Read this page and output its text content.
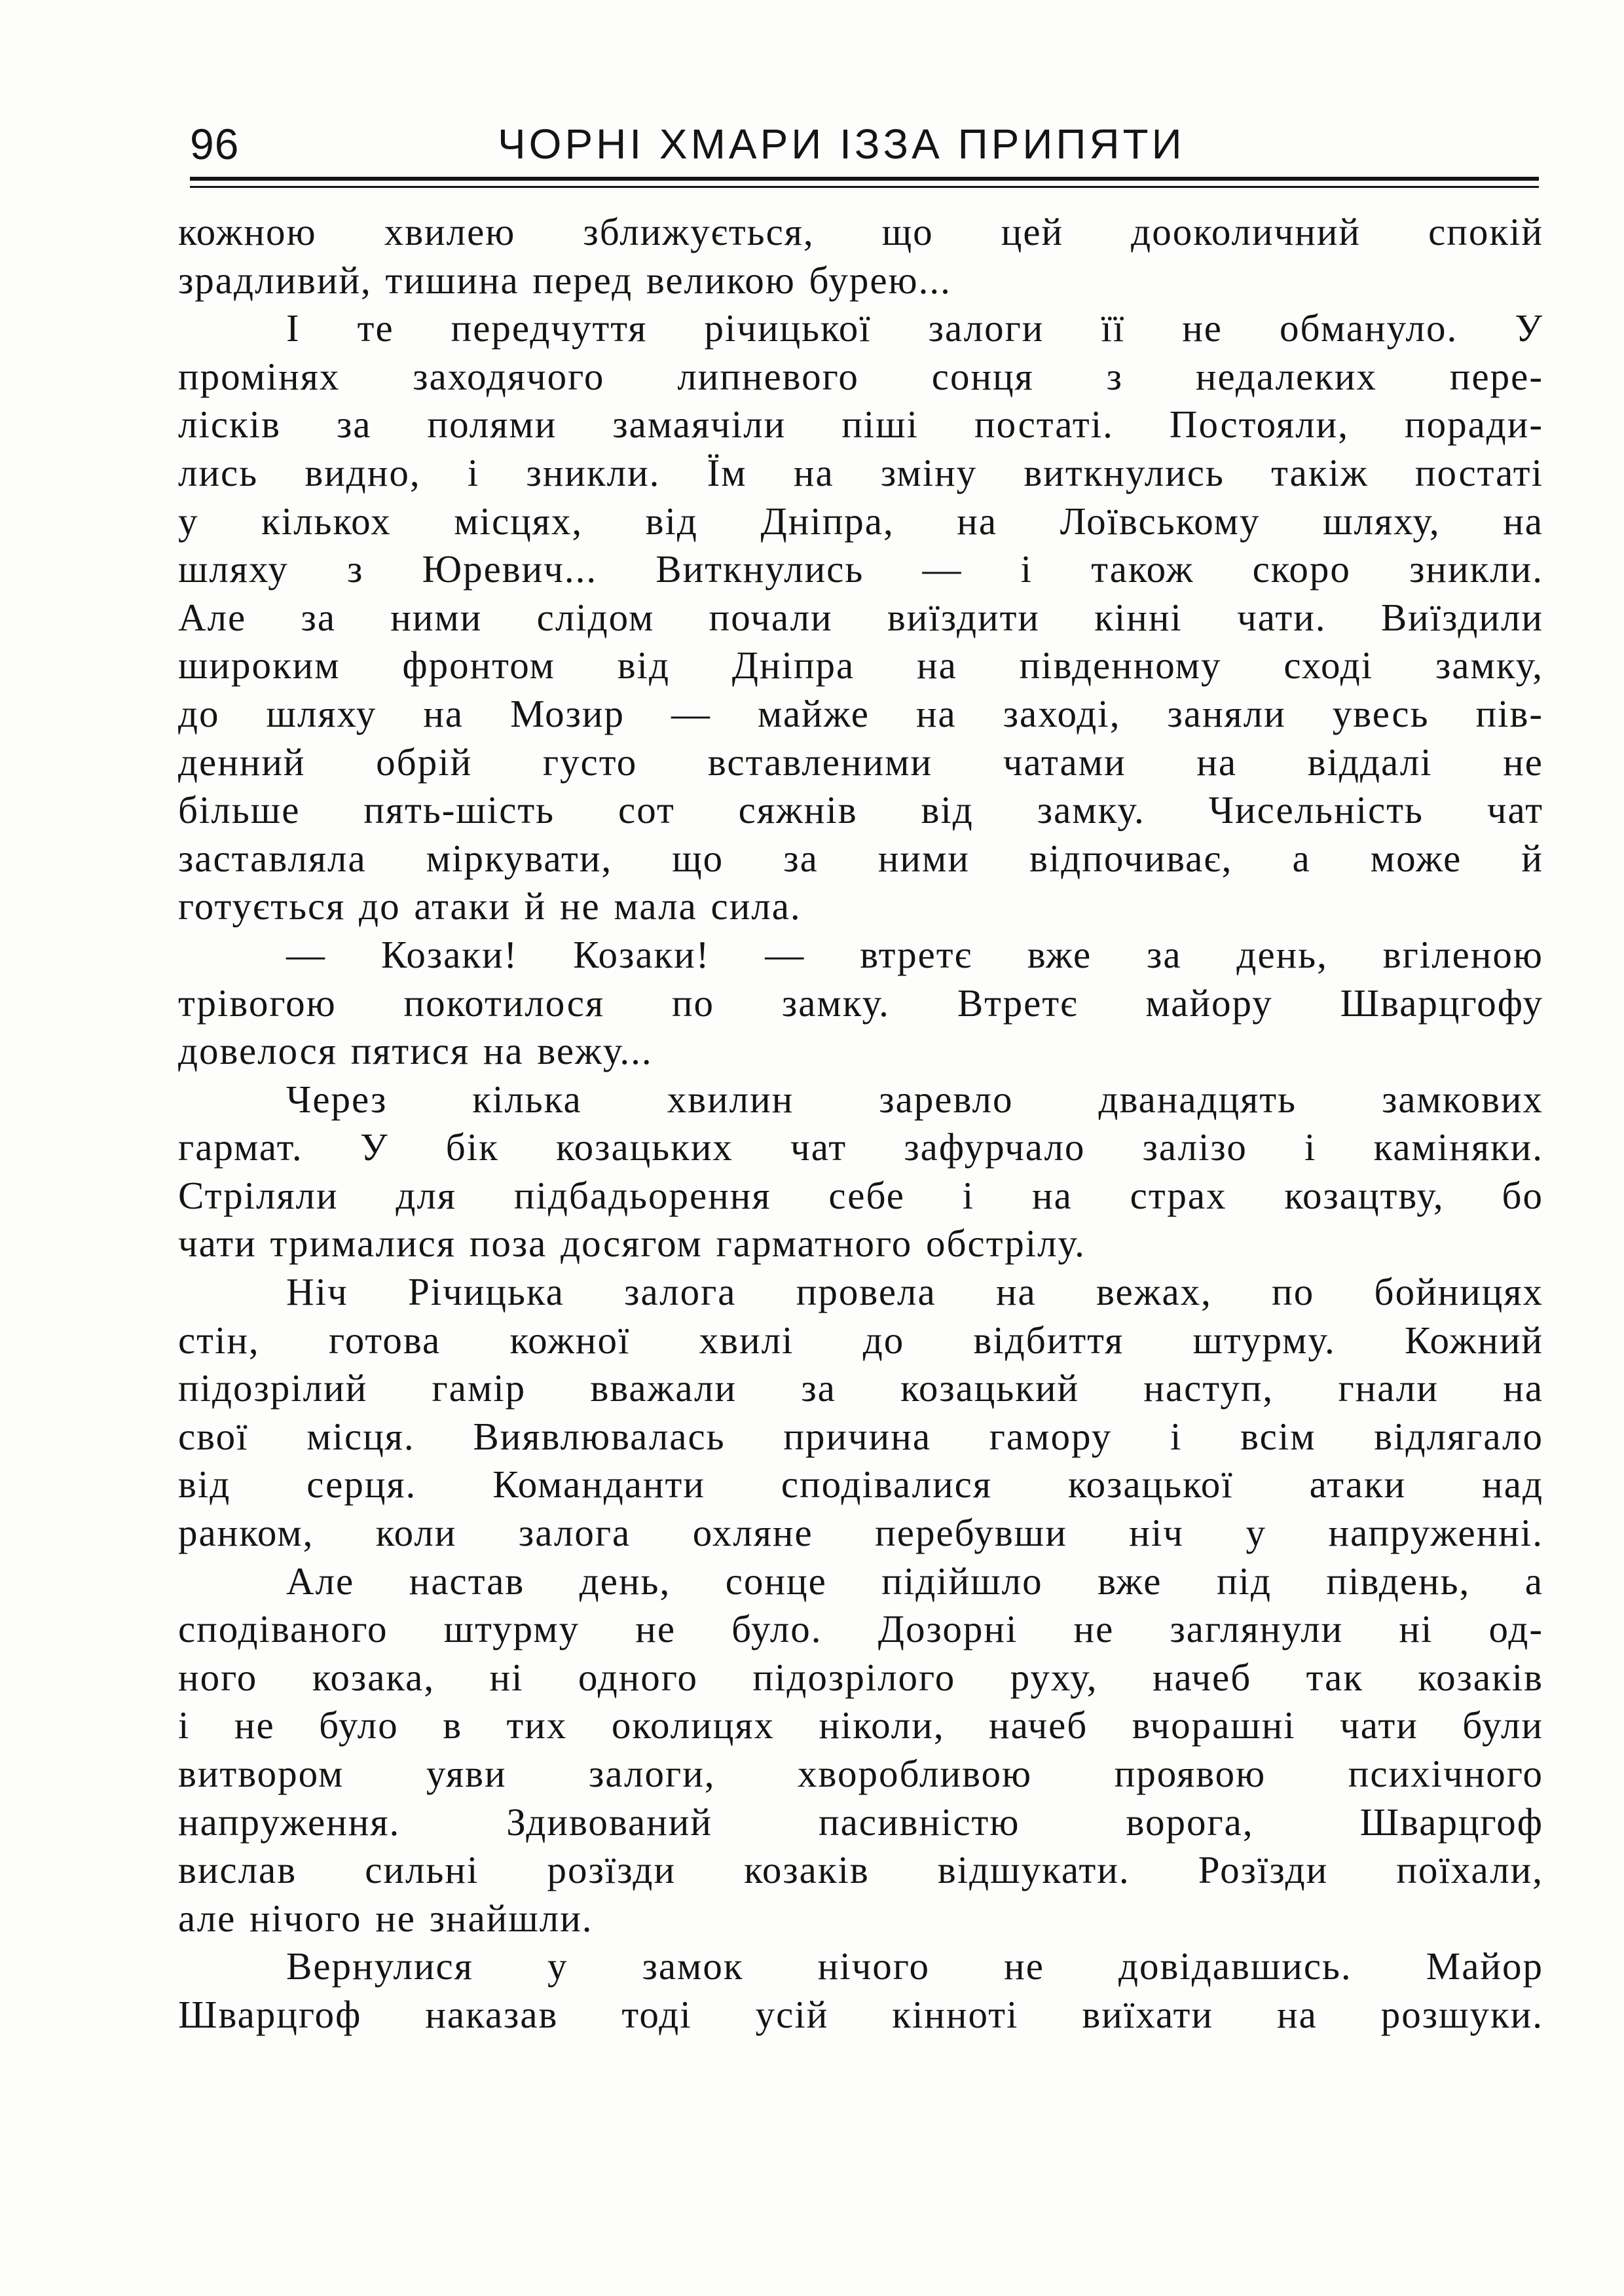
96	ЧОРНІ ХМАРИ ІЗЗА ПРИПЯТИ
кожною хвилею зближується, що цей дооколичний спокій
зрадливий, тишина перед великою бурею...
І те передчуття річицької залоги її не обмануло. У
промінях заходячого липневого сонця з недалеких пере-
лісків за полями замаячіли піші постаті. Постояли, поради-
лись видно, і зникли. Їм на зміну виткнулись такіж постаті
у кількох місцях, від Дніпра, на Лоївському шляху, на
шляху з Юревич... Виткнулись — і також скоро зникли.
Але за ними слідом почали виїздити кінні чати. Виїздили
широким фронтом від Дніпра на південному сході замку,
до шляху на Мозир — майже на заході, заняли увесь пів-
денний обрій густо вставленими чатами на віддалі не
більше пять-шість сот сяжнів від замку. Чисельність чат
заставляла міркувати, що за ними відпочиває, а може й
готується до атаки й не мала сила.
— Козаки! Козаки! — втретє вже за день, вгіленою
трівогою покотилося по замку. Втретє майору Шварцгофу
довелося пятися на вежу...
Через кілька хвилин заревло дванадцять замкових
гармат. У бік козацьких чат зафурчало залізо і каміняки.
Стріляли для підбадьорення себе і на страх козацтву, бо
чати трималися поза досягом гарматного обстрілу.
Ніч Річицька залога провела на вежах, по бойницях
стін, готова кожної хвилі до відбиття штурму. Кожний
підозрілий гамір вважали за козацький наступ, гнали на
свої місця. Виявлювалась причина гамору і всім відлягало
від серця. Команданти сподівалися козацької атаки над
ранком, коли залога охляне перебувши ніч у напруженні.
Але настав день, сонце підійшло вже під південь, а
сподіваного штурму не було. Дозорні не заглянули ні од-
ного козака, ні одного підозрілого руху, начеб так козаків
і не було в тих околицях ніколи, начеб вчорашні чати були
витвором уяви залоги, хворобливою проявою психічного
напруження. Здивований пасивністю ворога, Шварцгоф
вислав сильні розїзди козаків відшукати. Розїзди поїхали,
але нічого не знайшли.
Вернулися у замок нічого не довідавшись. Майор
Шварцгоф наказав тоді усій кінноті виїхати на розшуки.
